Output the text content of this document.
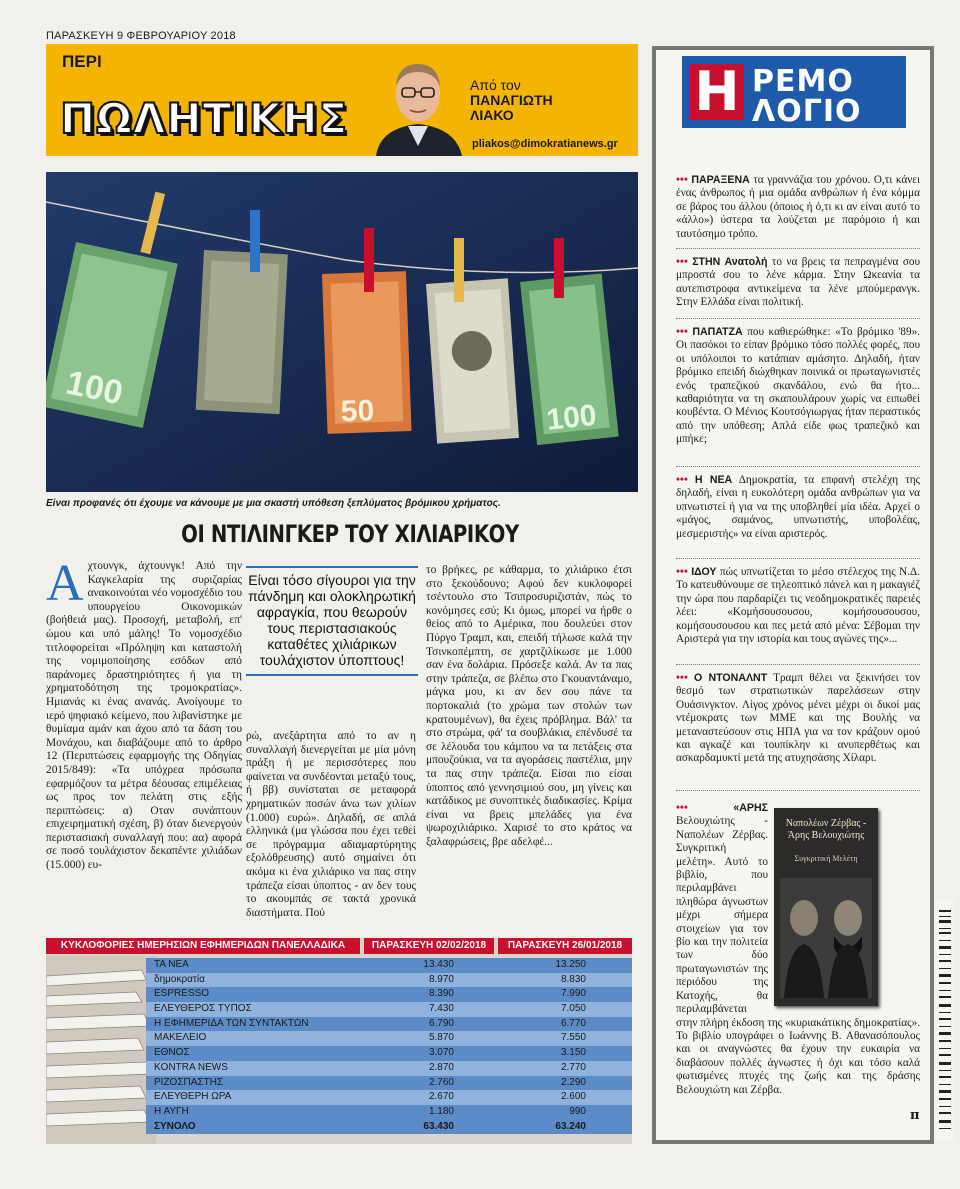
ΠΑΡΑΣΚΕΥΗ 9 ΦΕΒΡΟΥΑΡΙΟΥ 2018
ΠΕΡΙ
ΠΩΛΗΤΙΚΗΣ
Από τον
ΠΑΝΑΓΙΩΤΗ
ΛΙΑΚΟ
pliakos@dimokratianews.gr
100	50	100
Είναι προφανές ότι έχουμε να κάνουμε με μια σκαστή υπόθεση ξεπλύματος βρόμικου χρήματος.
ΟΙ ΝΤΙΛΙΝΓΚΕΡ ΤΟΥ ΧΙΛΙΑΡΙΚΟΥ
Αχτουνγκ, άχτουνγκ! Από την Καγκελαρία της συριζαρίας ανακοινούται νέο νομοσχέδιο του υπουργείου Οικονομικών (βοήθειά μας). Προσοχή, μεταβολή, επ' ώμου και υπό μάλης! Το νομοσχέδιο τιτλοφορείται «Πρόληψη και καταστολή της νομιμοποίησης εσόδων από παράνομες δραστηριότητες ή για τη χρηματοδότηση της τρομοκρατίας». Ημιανάς κι ένας ανανάς. Ανοίγουμε το ιερό ψηφιακό κείμενο, που λιβανίστηκε με θυμίαμα αμάν και άχου από τα δάση του Μονάχου, και διαβάζουμε από το άρθρο 12 (Περιπτώσεις εφαρμογής της Οδηγίας 2015/849): «Τα υπόχρεα πρόσωπα εφαρμόζουν τα μέτρα δέουσας επιμέλειας ως προς τον πελάτη στις εξής περιπτώσεις: α) Οταν συνάπτουν επιχειρηματική σχέση, β) όταν διενεργούν περιστασιακή συναλλαγή που: αα) αφορά σε ποσό τουλάχιστον δεκαπέντε χιλιάδων (15.000) ευ-
Είναι τόσο σίγουροι για την πάνδημη και ολοκληρωτική αφραγκία, που θεωρούν τους περιστασιακούς καταθέτες χιλιάρικων τουλάχιστον ύποπτους!
ρώ, ανεξάρτητα από το αν η συναλλαγή διενεργείται με μία μόνη πράξη ή με περισσότερες που φαίνεται να συνδέονται μεταξύ τους, ή ββ) συνίσταται σε μεταφορά χρηματικών ποσών άνω των χιλίων (1.000) ευρώ». Δηλαδή, σε απλά ελληνικά (μα γλώσσα που έχει τεθεί σε πρόγραμμα αδιαμαρτύρητης εξολόθρευσης) αυτό σημαίνει ότι ακόμα κι ένα χιλιάρικο να πας στην τράπεζα είσαι ύποπτος - αν δεν τους το ακουμπάς σε τακτά χρονικά διαστήματα. Πού
το βρήκες, ρε κάθαρμα, το χιλιάρικο έτσι στο ξεκούδουνο; Αφού δεν κυκλοφορεί τσέντουλο στο Τσιπροσυριζιστάν, πώς το κονόμησες εσύ; Κι όμως, μπορεί να ήρθε ο θείος από το Αμέρικα, που δουλεύει στον Πύργο Τραμπ, και, επειδή τήλωσε καλά την Τσινκοπέμπτη, σε χαρτζιλίκωσε με 1.000 σαν ένα δολάρια. Πρόσεξε καλά. Αν τα πας στην τράπεζα, σε βλέπω στο Γκουαντάναμο, μάγκα μου, κι αν δεν σου πάνε τα πορτοκαλιά (το χρώμα των στολών των κρατουμένων), θα έχεις πρόβλημα. Βάλ' τα στο στρώμα, φά' τα σουβλάκια, επένδυσέ τα σε λέλουδα του κάμπου να τα πετάξεις στα μπουζούκια, να τα αγοράσεις παστέλια, μην τα πας στην τράπεζα. Είσαι πιο είσαι ύποπτος από γεννησιμιού σου, μη γίνεις και κατάδικος με συνοπτικές διαδικασίες. Κρίμα είναι να βρεις μπελάδες για ένα ψωροχιλιάρικο. Χαρισέ το στο κράτος να ξαλαφρώσεις, βρε αδελφέ...
ΚΥΚΛΟΦΟΡΙΕΣ ΗΜΕΡΗΣΙΩΝ ΕΦΗΜΕΡΙΔΩΝ ΠΑΝΕΛΛΑΔΙΚΑ	ΠΑΡΑΣΚΕΥΗ 02/02/2018	ΠΑΡΑΣΚΕΥΗ 26/01/2018
ΤΑ ΝΕΑ	13.430	13.250
δημοκρατία	8.970	8.830
ESPRESSO	8.390	7.990
ΕΛΕΥΘΕΡΟΣ ΤΥΠΟΣ	7.430	7.050
Η ΕΦΗΜΕΡΙΔΑ ΤΩΝ ΣΥΝΤΑΚΤΩΝ	6.790	6.770
ΜΑΚΕΛΕΙΟ	5.870	7.550
ΕΘΝΟΣ	3.070	3.150
KONTRA NEWS	2.870	2.770
ΡΙΖΟΣΠΑΣΤΗΣ	2.760	2.290
ΕΛΕΥΘΕΡΗ ΩΡΑ	2.670	2.600
Η ΑΥΓΗ	1.180	990
ΣΥΝΟΛΟ	63.430	63.240
Η ΡΕΜΟ
ΛΟΓΙΟ
••• ΠΑΡΑΞΕΝΑ τα γραννάζια του χρόνου. Ο,τι κάνει ένας άνθρωπος ή μια ομάδα ανθρώπων ή ένα κόμμα σε βάρος του άλλου (όποιος ή ό,τι κι αν είναι αυτό το «άλλο») ύστερα τα λούζεται με παρόμοιο ή και ταυτόσημο τρόπο.
••• ΣΤΗΝ Ανατολή το να βρεις τα πεπραγμένα σου μπροστά σου το λένε κάρμα. Στην Ωκεανία τα αυτεπιστροφα αντικείμενα τα λένε μπούμερανγκ. Στην Ελλάδα είναι πολιτική.
••• ΠΑΠΑΤΖΑ που καθιερώθηκε: «Το βρόμικο '89». Οι πασόκοι το είπαν βρόμικο τόσο πολλές φορές, που οι υπόλοιποι το κατάπιαν αμάσητο. Δηλαδή, ήταν βρόμικο επειδή διώχθηκαν ποινικά οι πρωταγωνιστές ενός τραπεζικού σκανδάλου, ενώ θα ήτο... καθαριότητα να τη σκαπουλάρουν χωρίς να ειπωθεί κουβέντα. Ο Μένιος Κουτσόγιωργας ήταν περαστικός από την υπόθεση; Απλά είδε φως τραπεζικό και μπήκε;
••• Η ΝΕΑ Δημοκρατία, τα επφανή στελέχη της δηλαδή, είναι η ευκολότερη ομάδα ανθρώπων για να υπνωτιστεί ή για να της υποβληθεί μία ιδέα. Αρχεί ο «μάγος, σαμάνος, υπνωτιστής, υποβολέας, μεσμεριστής» να είναι αριστερός.
••• ΙΔΟΥ πώς υπνωτίζεται το μέσο στέλεχος της Ν.Δ. Το κατευθύνουμε σε τηλεοπτικό πάνελ και η μακαγιέζ την ώρα που παρδαρίζει τις νεοδημοκρατικές παρειές λέει: «Κομήσουσουσου, κομήσουσουσου, κομήσουσουσου και πες μετά από μένα: Σέβομαι την Αριστερά για την ιστορία και τους αγώνες της»...
••• Ο ΝΤΟΝΑΛΝΤ Τραμπ θέλει να ξεκινήσει τον θεσμό των στρατιωτικών παρελάσεων στην Ουάσινγκτον. Λίγος χρόνος μένει μέχρι οι δικοί μας ντέμοκρατς των ΜΜΕ και της Βουλής να μεταναστεύσουν στις ΗΠΑ για να τον κράζουν ομού και αγκαζέ και τουπίκλην κι ανυπερθέτως και ασκαρδαμυκτί μετά της ατυχησάσης Χίλαρι.
••• «ΑΡΗΣ Βελουχιώτης - Ναπολέων Ζέρβας. Συγκριτική μελέτη». Αυτό το βιβλίο, που περιλαμβάνει πληθώρα άγνωστων μέχρι σήμερα στοιχείων για τον βίο και την πολιτεία των δύο πρωταγωνιστών της περιόδου της Κατοχής, θα περιλαμβάνεται στην πλήρη έκδοση της «κυριακάτικης δημοκρατίας». Το βιβλίο υπογράφει ο Ιωάννης Β. Αθανασόπουλος και οι αναγνώστες θα έχουν την ευκαιρία να διαβάσουν πολλές άγνωστες ή όχι και τόσο καλά φωτισμένες πτυχές της ζωής και της δράσης Βελουχιώτη και Ζέρβα.
Ναπολέων Ζέρβας - Άρης Βελουχιώτης
Συγκριτική Μελέτη
π
